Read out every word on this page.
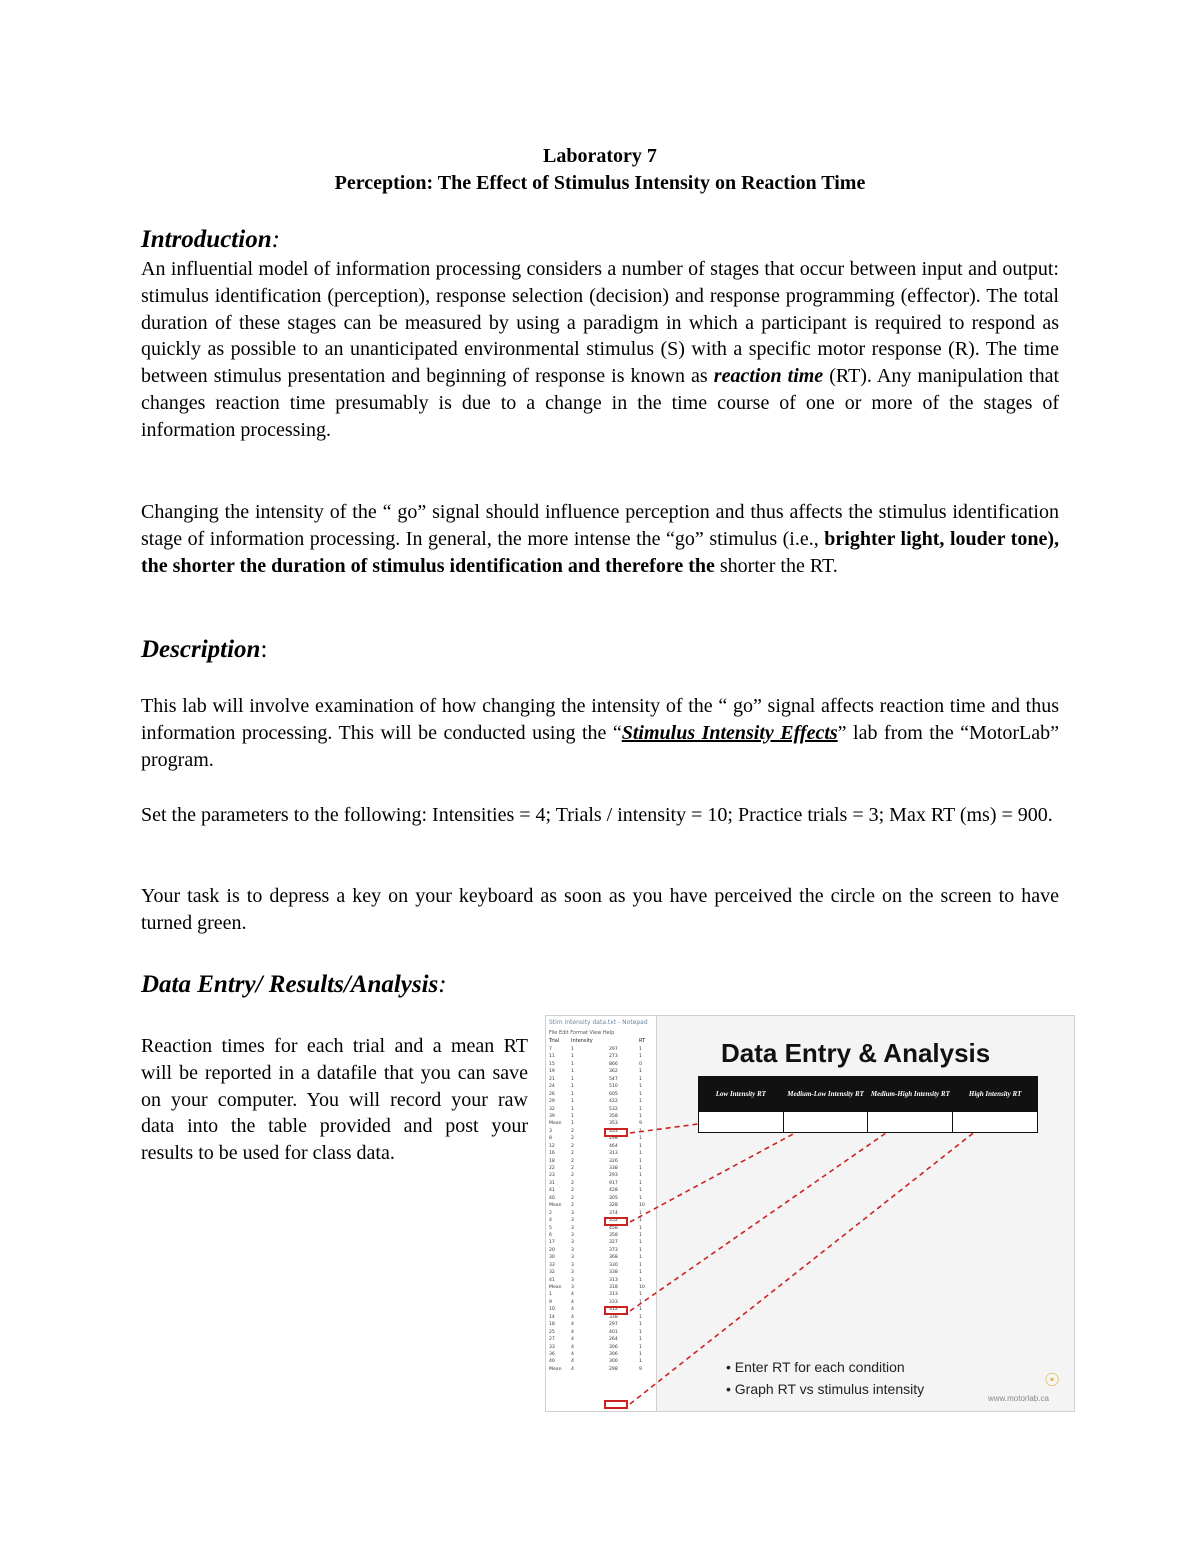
Laboratory 7
Perception: The Effect of Stimulus Intensity on Reaction Time
Introduction:
An influential model of information processing considers a number of stages that occur between input and output: stimulus identification (perception), response selection (decision) and response programming (effector). The total duration of these stages can be measured by using a paradigm in which a participant is required to respond as quickly as possible to an unanticipated environmental stimulus (S) with a specific motor response (R). The time between stimulus presentation and beginning of response is known as reaction time (RT). Any manipulation that changes reaction time presumably is due to a change in the time course of one or more of the stages of information processing.
Changing the intensity of the “ go” signal should influence perception and thus affects the stimulus identification stage of information processing. In general, the more intense the “go” stimulus (i.e., brighter light, louder tone), the shorter the duration of stimulus identification and therefore the shorter the RT.
Description:
This lab will involve examination of how changing the intensity of the “ go” signal affects reaction time and thus information processing. This will be conducted using the “Stimulus Intensity Effects” lab from the “MotorLab” program.
Set the parameters to the following: Intensities = 4; Trials / intensity = 10; Practice trials = 3; Max RT (ms) = 900.
Your task is to depress a key on your keyboard as soon as you have perceived the circle on the screen to have turned green.
Data Entry/ Results/Analysis:
Reaction times for each trial and a mean RT will be reported in a datafile that you can save on your computer. You will record your raw data into the table provided and post your results to be used for class data.
Stim intensity data.txt - Notepad
File Edit Format View Help
Trial	Intensity	RT
7	1	297	1
11	1	273	1
15	1	866	0
19	1	362	1
21	1	547	1
24	1	510	1
26	1	605	1
29	1	422	1
32	1	532	1
39	1	358	1
Mean	1	353	9
3	2	353	1
8	2	298	1
12	2	464	1
16	2	313	1
18	2	326	1
22	2	338	1
23	2	293	1
31	2	917	1
41	2	428	1
40	2	305	1
Mean	2	328	10
2	3	374	1
4	3	352	1
5	3	458	1
6	3	358	1
17	3	327	1
20	3	373	1
30	3	368	1
33	3	330	1
32	3	338	1
41	3	313	1
Mean	3	318	10
1	4	313	1
9	4	333	1
10	4	312	1
14	4	338	1
18	4	297	1
25	4	401	1
27	4	264	1
33	4	306	1
36	4	306	1
40	4	300	1
Mean	4	298	9
Data Entry & Analysis
Low Intensity RT	Medium-Low Intensity RT	Medium-High Intensity RT	High Intensity RT

• Enter RT for each condition
• Graph RT vs stimulus intensity	☉
www.motorlab.ca
